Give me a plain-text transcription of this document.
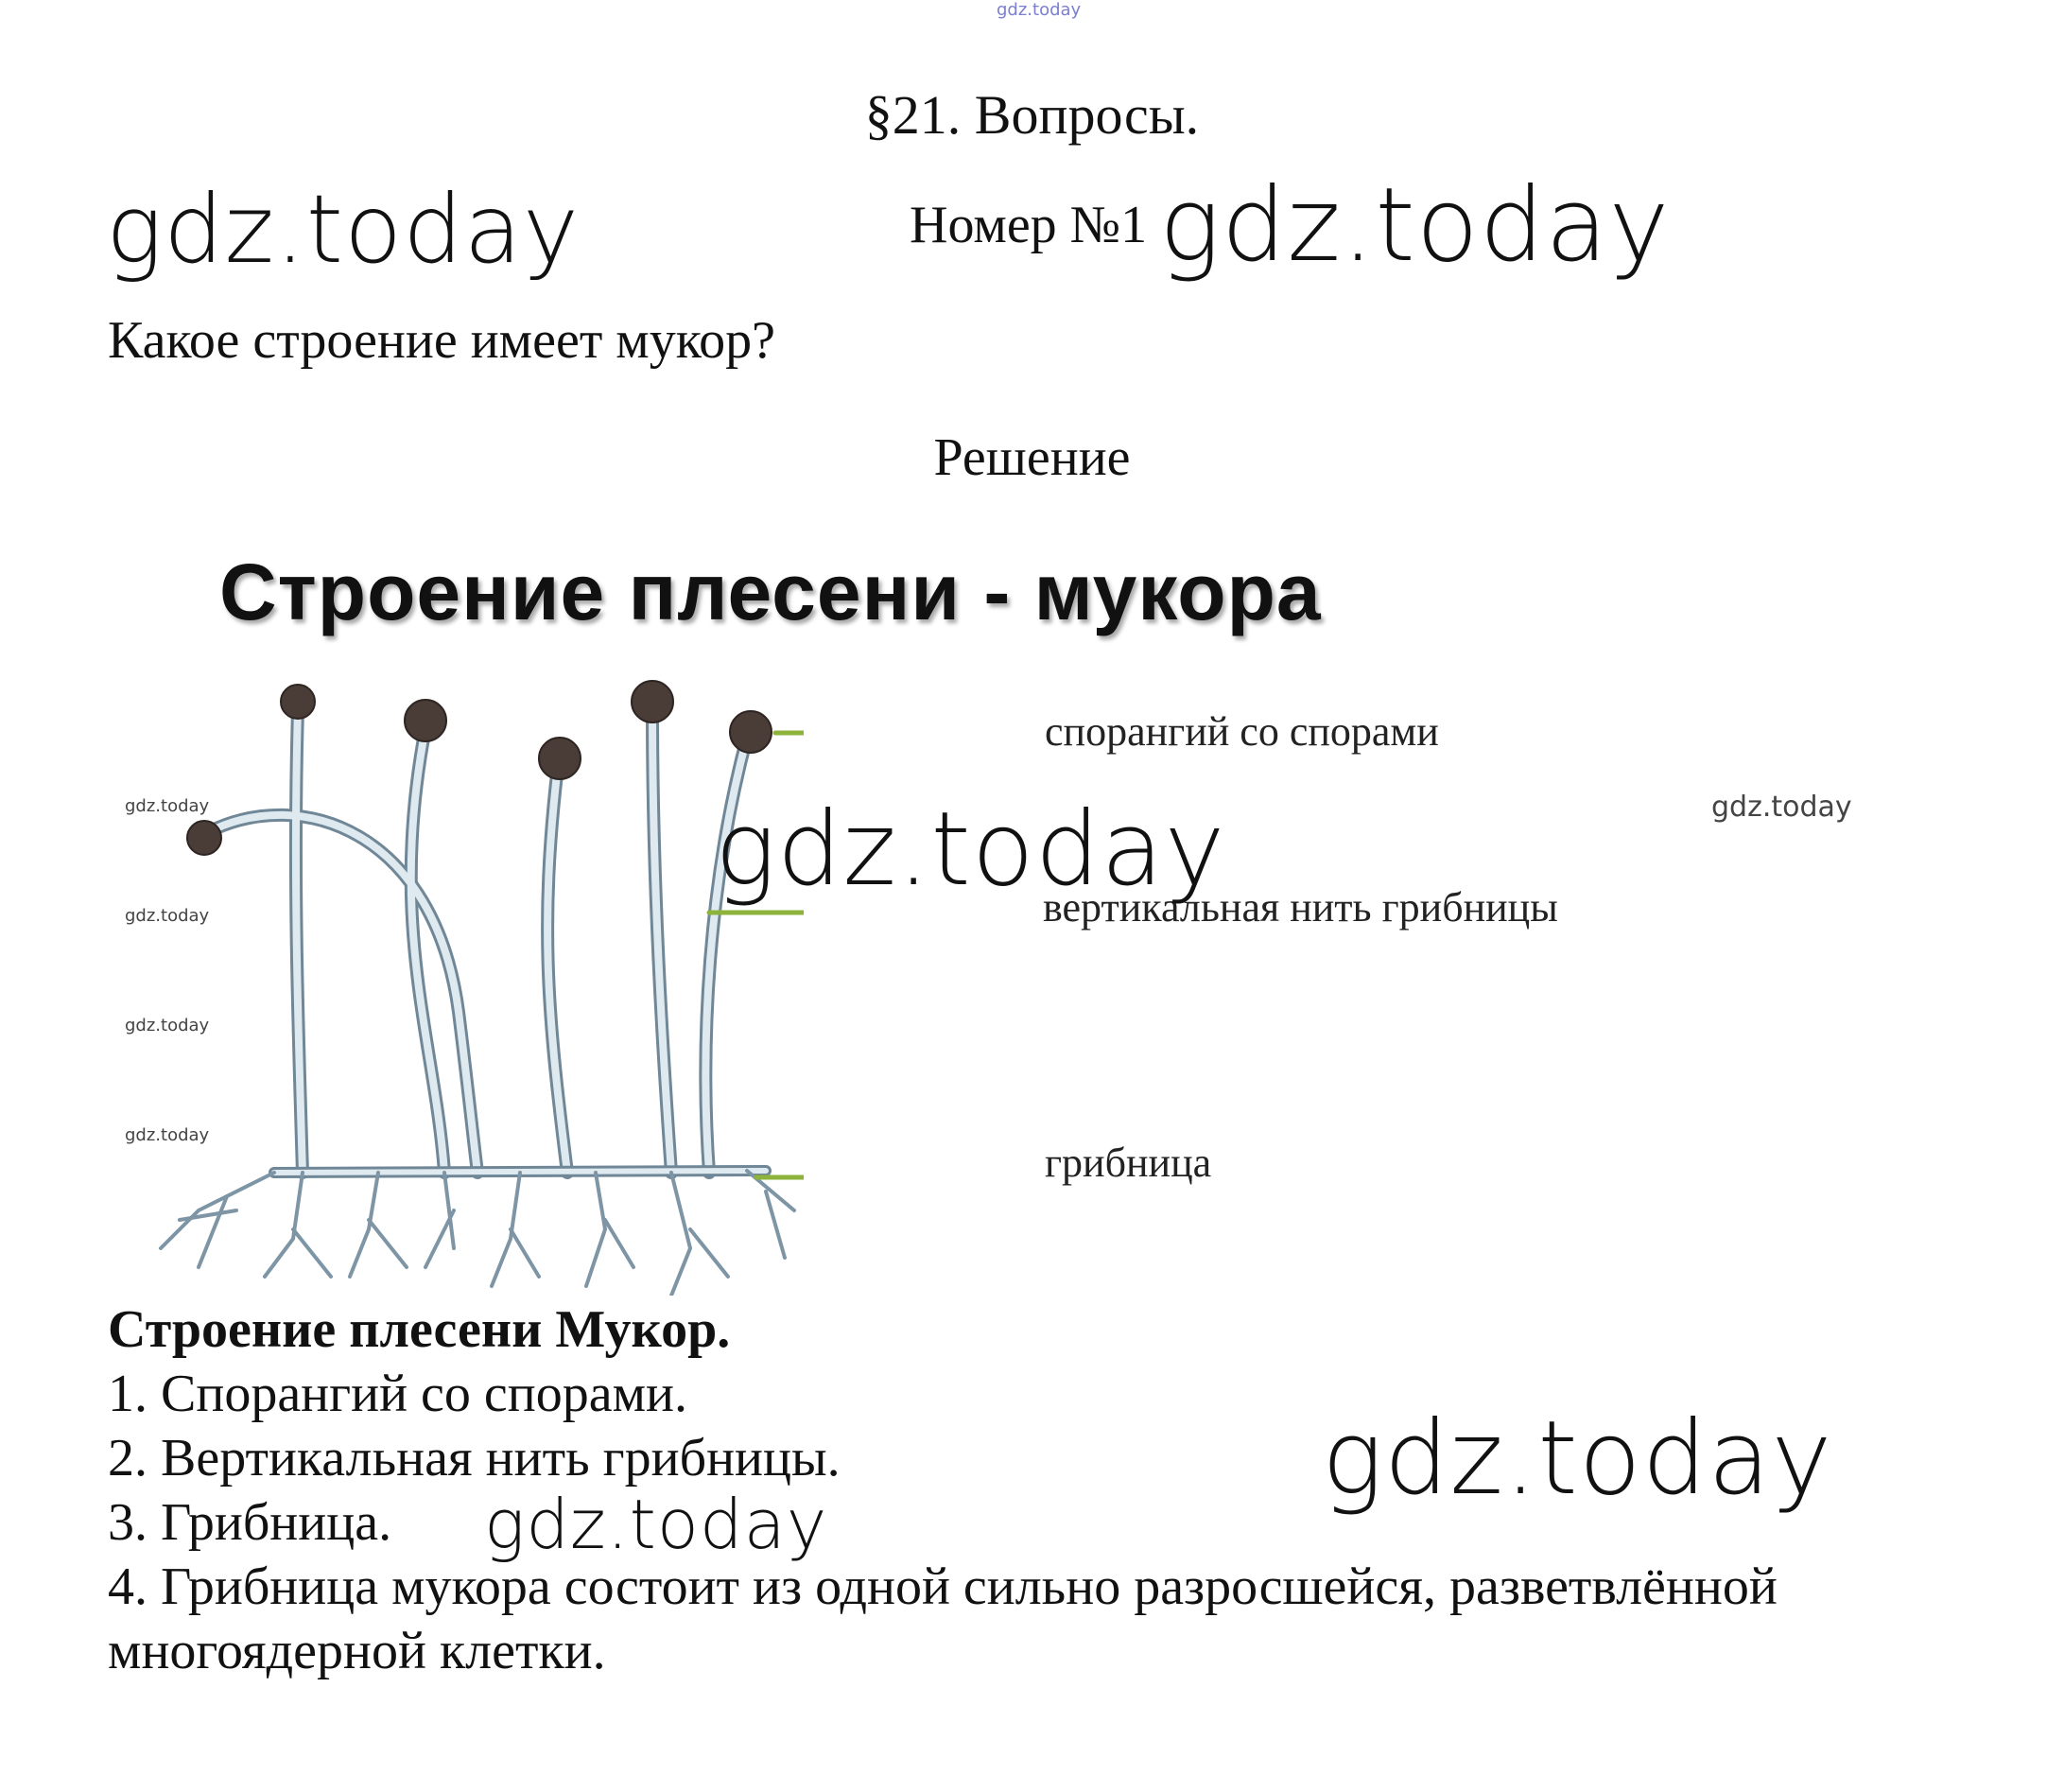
gdz.today
§21. Вопросы.
gdz.today	Номер №1 gdz.today
Какое строение имеет мукор?
Решение
Строение плесени - мукора
спорангий со спорами
вертикальная нить грибницы
грибница
gdz.today	gdz.today
gdz.today
gdz.today
gdz.today
gdz.today
Строение плесени Мукор.
1. Спорангий со спорами.
2. Вертикальная нить грибницы.
3. Грибница.
4. Грибница мукора состоит из одной сильно разросшейся, разветвлённой
многоядерной клетки.
gdz.today
gdz.today
